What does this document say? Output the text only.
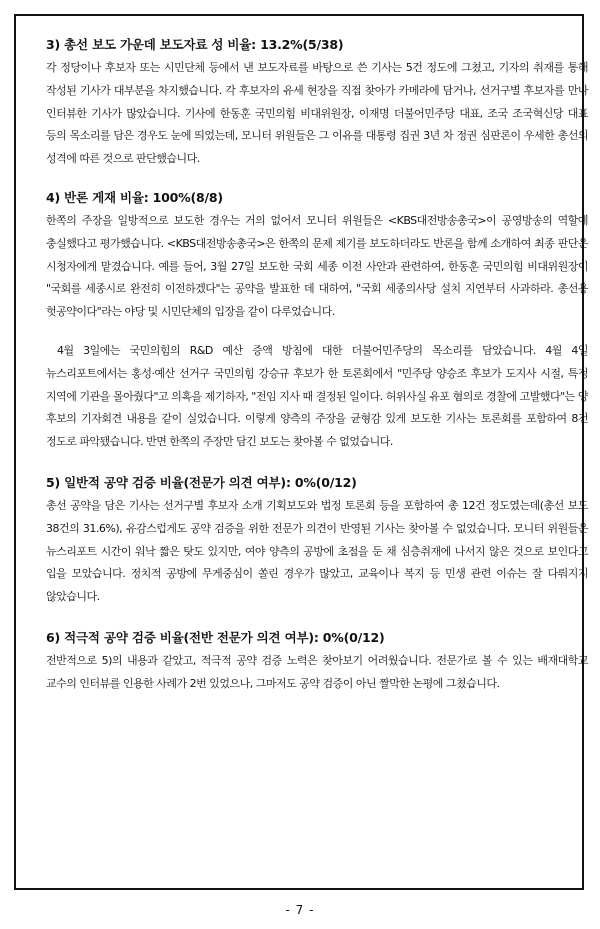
3) 총선 보도 가운데 보도자료 성 비율: 13.2%(5/38)

각 정당이나 후보자 또는 시민단체 등에서 낸 보도자료를 바탕으로 쓴 기사는 5건 정도에 그쳤고, 기자의 취재를 통해 작성된 기사가 대부분을 차지했습니다. 각 후보자의 유세 현장을 직접 찾아가 카메라에 담거나, 선거구별 후보자를 만나 인터뷰한 기사가 많았습니다. 기사에 한동훈 국민의힘 비대위원장, 이재명 더불어민주당 대표, 조국 조국혁신당 대표 등의 목소리를 담은 경우도 눈에 띄었는데, 모니터 위원들은 그 이유를 대통령 집권 3년 차 정권 심판론이 우세한 총선의 성격에 따른 것으로 판단했습니다.

4) 반론 게재 비율: 100%(8/8)

한쪽의 주장을 일방적으로 보도한 경우는 거의 없어서 모니터 위원들은 <KBS대전방송총국>이 공영방송의 역할에 충실했다고 평가했습니다. <KBS대전방송총국>은 한쪽의 문제 제기를 보도하더라도 반론을 함께 소개하여 최종 판단은 시청자에게 맡겼습니다. 예를 들어, 3월 27일 보도한 국회 세종 이전 사안과 관련하여, 한동훈 국민의힘 비대위원장이 "국회를 세종시로 완전히 이전하겠다"는 공약을 발표한 데 대하여, "국회 세종의사당 설치 지연부터 사과하라. 총선용 헛공약이다"라는 야당 및 시민단체의 입장을 같이 다루었습니다.

4월 3일에는 국민의힘의 R&D 예산 증액 방침에 대한 더불어민주당의 목소리를 담았습니다. 4월 4일 뉴스리포트에서는 홍성·예산 선거구 국민의힘 강승규 후보가 한 토론회에서 "민주당 양승조 후보가 도지사 시절, 특정 지역에 기관을 몰아줬다"고 의혹을 제기하자, "전임 지사 때 결정된 일이다. 허위사실 유포 혐의로 경찰에 고발했다"는 양 후보의 기자회견 내용을 같이 실었습니다. 이렇게 양측의 주장을 균형감 있게 보도한 기사는 토론회를 포함하여 8건 정도로 파악됐습니다. 반면 한쪽의 주장만 담긴 보도는 찾아볼 수 없었습니다.

5) 일반적 공약 검증 비율(전문가 의견 여부): 0%(0/12)

총선 공약을 담은 기사는 선거구별 후보자 소개 기획보도와 법정 토론회 등을 포함하여 총 12건 정도였는데(총선 보도 38건의 31.6%), 유감스럽게도 공약 검증을 위한 전문가 의견이 반영된 기사는 찾아볼 수 없었습니다. 모니터 위원들은 뉴스리포트 시간이 워낙 짧은 탓도 있지만, 여야 양측의 공방에 초점을 둔 채 심층취재에 나서지 않은 것으로 보인다고 입을 모았습니다. 정치적 공방에 무게중심이 쏠린 경우가 많았고, 교육이나 복지 등 민생 관련 이슈는 잘 다뤄지지 않았습니다.

6) 적극적 공약 검증 비율(전반 전문가 의견 여부): 0%(0/12)

전반적으로 5)의 내용과 같았고, 적극적 공약 검증 노력은 찾아보기 어려웠습니다. 전문가로 볼 수 있는 배재대학교 교수의 인터뷰를 인용한 사례가 2번 있었으나, 그마저도 공약 검증이 아닌 짤막한 논평에 그쳤습니다.

- 7 -
